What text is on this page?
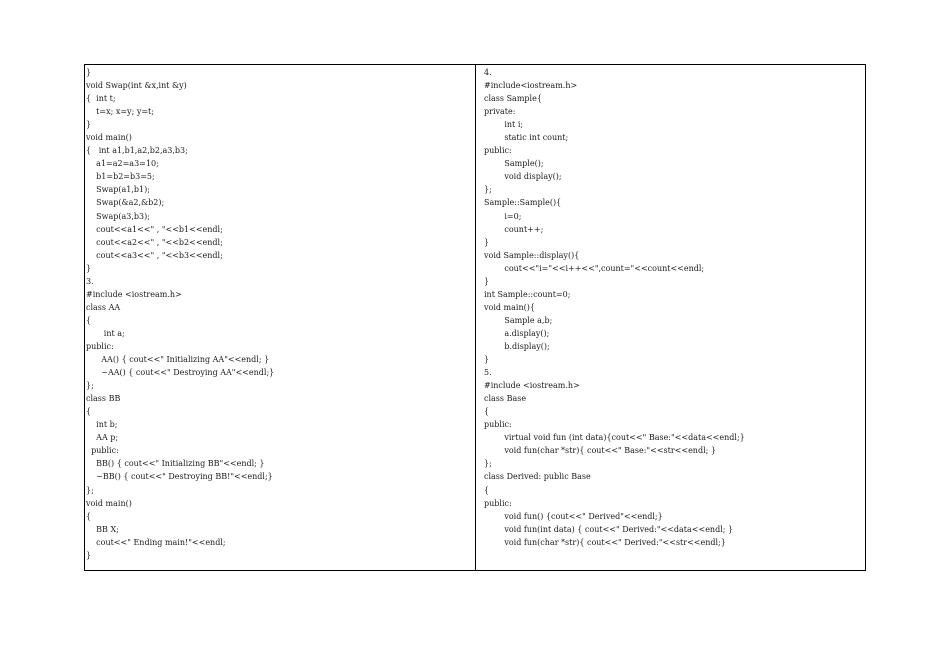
}
void Swap(int &x,int &y)
{  int t;
t=x; x=y; y=t;
}
void main()
{   int a1,b1,a2,b2,a3,b3;
a1=a2=a3=10;
b1=b2=b3=5;
Swap(a1,b1);
Swap(&a2,&b2);
Swap(a3,b3);
cout<<a1<<" , "<<b1<<endl;
cout<<a2<<" , "<<b2<<endl;
cout<<a3<<" , "<<b3<<endl;
}
3.
#include <iostream.h>
class AA
{
int a;
public:
AA() { cout<<" Initializing AA"<<endl; }
~AA() { cout<<" Destroying AA"<<endl;}
};
class BB
{
int b;
AA p;
public:
BB() { cout<<" Initializing BB"<<endl; }
~BB() { cout<<" Destroying BB!"<<endl;}
};
void main()
{
BB X;
cout<<" Ending main!"<<endl;
}
4.
#include<iostream.h>
class Sample{
private:
int i;
static int count;
public:
Sample();
void display();
};
Sample::Sample(){
i=0;
count++;
}
void Sample::display(){
cout<<"i="<<i++<<",count="<<count<<endl;
}
int Sample::count=0;
void main(){
Sample a,b;
a.display();
b.display();
}
5.
#include <iostream.h>
class Base
{
public:
virtual void fun (int data){cout<<" Base:"<<data<<endl;}
void fun(char *str){ cout<<" Base:"<<str<<endl; }
};
class Derived: public Base
{
public:
void fun() {cout<<" Derived"<<endl;}
void fun(int data) { cout<<" Derived:"<<data<<endl; }
void fun(char *str){ cout<<" Derived:"<<str<<endl;}
